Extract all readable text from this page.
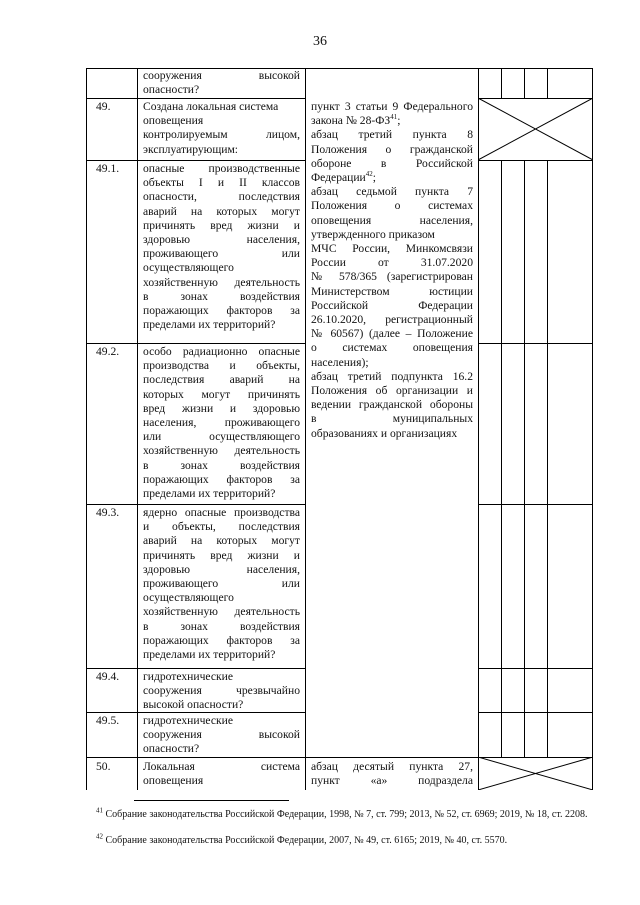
36
49.
49.1.
49.2.
49.3.
49.4.
49.5.
50.
сооружения высокой
опасности?
Создана локальная система
оповещения
контролируемым лицом,
эксплуатирующим:
опасные производственные
объекты I и II классов
опасности, последствия
аварий на которых могут
причинять вред жизни и
здоровью населения,
проживающего или
осуществляющего
хозяйственную деятельность
в зонах воздействия
поражающих факторов за
пределами их территорий?
особо радиационно опасные
производства и объекты,
последствия аварий на
которых могут причинять
вред жизни и здоровью
населения, проживающего
или осуществляющего
хозяйственную деятельность
в зонах воздействия
поражающих факторов за
пределами их территорий?
ядерно опасные производства
и объекты, последствия
аварий на которых могут
причинять вред жизни и
здоровью населения,
проживающего или
осуществляющего
хозяйственную деятельность
в зонах воздействия
поражающих факторов за
пределами их территорий?
гидротехнические
сооружения чрезвычайно
высокой опасности?
гидротехнические
сооружения высокой
опасности?
Локальная система
оповещения
пункт 3 статьи 9 Федерального
закона № 28-ФЗ$^{41}$;
абзац третий пункта 8
Положения о гражданской
обороне в Российской
Федерации$^{42}$;
абзац седьмой пункта 7
Положения о системах
оповещения населения,
утвержденного приказом
МЧС России, Минкомсвязи
России от 31.07.2020
№ 578/365 (зарегистрирован
Министерством юстиции
Российской Федерации
26.10.2020, регистрационный
№ 60567) (далее – Положение
о системах оповещения
населения);
абзац третий подпункта 16.2
Положения об организации и
ведении гражданской обороны
в муниципальных
образованиях и организациях
абзац десятый пункта 27,
пункт «а» подраздела
$^{41}$ Собрание законодательства Российской Федерации, 1998, № 7, ст. 799; 2013, № 52, ст. 6969; 2019, № 18, ст. 2208.
$^{42}$ Собрание законодательства Российской Федерации, 2007, № 49, ст. 6165; 2019, № 40, ст. 5570.
